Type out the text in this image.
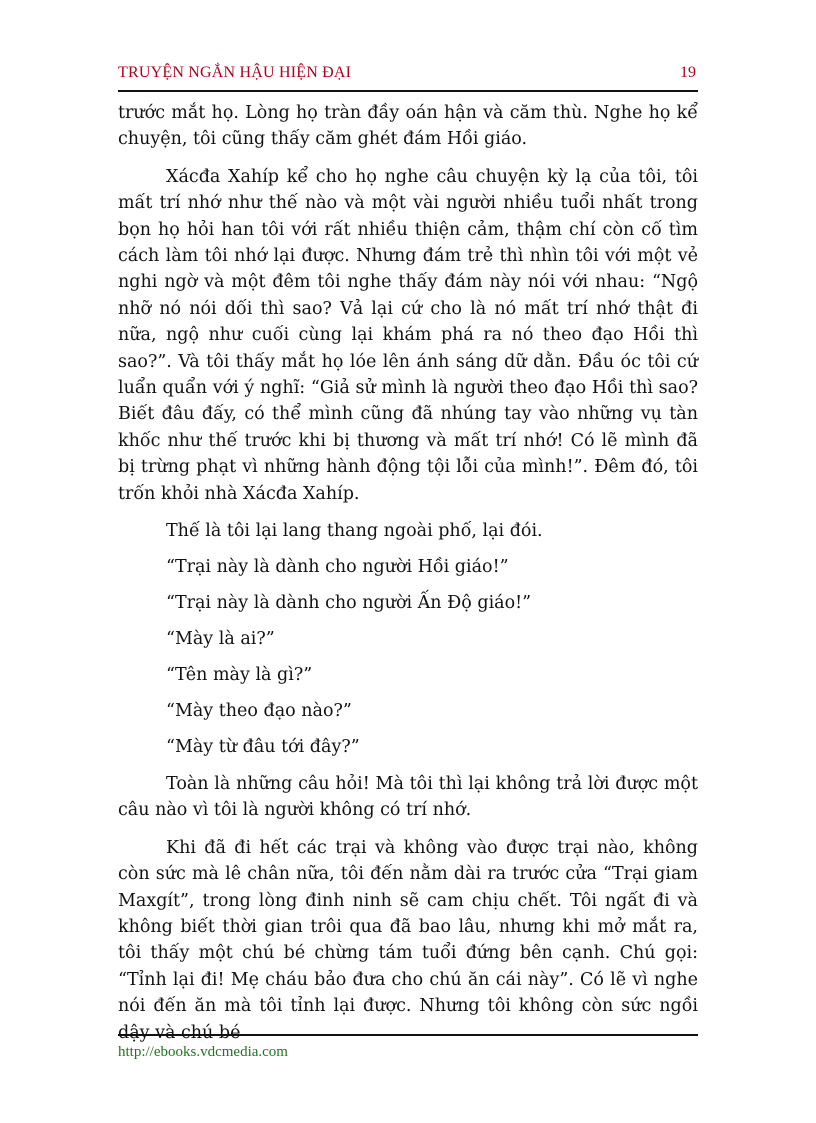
TRUYỆN NGẮN HẬU HIỆN ĐẠI	19

trước mắt họ. Lòng họ tràn đầy oán hận và căm thù. Nghe họ kể chuyện, tôi cũng thấy căm ghét đám Hồi giáo.

Xácđa Xahíp kể cho họ nghe câu chuyện kỳ lạ của tôi, tôi mất trí nhớ như thế nào và một vài người nhiều tuổi nhất trong bọn họ hỏi han tôi với rất nhiều thiện cảm, thậm chí còn cố tìm cách làm tôi nhớ lại được. Nhưng đám trẻ thì nhìn tôi với một vẻ nghi ngờ và một đêm tôi nghe thấy đám này nói với nhau: “Ngộ nhỡ nó nói dối thì sao? Vả lại cứ cho là nó mất trí nhớ thật đi nữa, ngộ như cuối cùng lại khám phá ra nó theo đạo Hồi thì sao?”. Và tôi thấy mắt họ lóe lên ánh sáng dữ dằn. Đầu óc tôi cứ luẩn quẩn với ý nghĩ: “Giả sử mình là người theo đạo Hồi thì sao? Biết đâu đấy, có thể mình cũng đã nhúng tay vào những vụ tàn khốc như thế trước khi bị thương và mất trí nhớ! Có lẽ mình đã bị trừng phạt vì những hành động tội lỗi của mình!”. Đêm đó, tôi trốn khỏi nhà Xácđa Xahíp.

Thế là tôi lại lang thang ngoài phố, lại đói.

“Trại này là dành cho người Hồi giáo!”

“Trại này là dành cho người Ấn Độ giáo!”

“Mày là ai?”

“Tên mày là gì?”

“Mày theo đạo nào?”

“Mày từ đâu tới đây?”

Toàn là những câu hỏi! Mà tôi thì lại không trả lời được một câu nào vì tôi là người không có trí nhớ.

Khi đã đi hết các trại và không vào được trại nào, không còn sức mà lê chân nữa, tôi đến nằm dài ra trước cửa “Trại giam Maxgít”, trong lòng đinh ninh sẽ cam chịu chết. Tôi ngất đi và không biết thời gian trôi qua đã bao lâu, nhưng khi mở mắt ra, tôi thấy một chú bé chừng tám tuổi đứng bên cạnh. Chú gọi: “Tỉnh lại đi! Mẹ cháu bảo đưa cho chú ăn cái này”. Có lẽ vì nghe nói đến ăn mà tôi tỉnh lại được. Nhưng tôi không còn sức ngồi dậy và chú bé

http://ebooks.vdcmedia.com
